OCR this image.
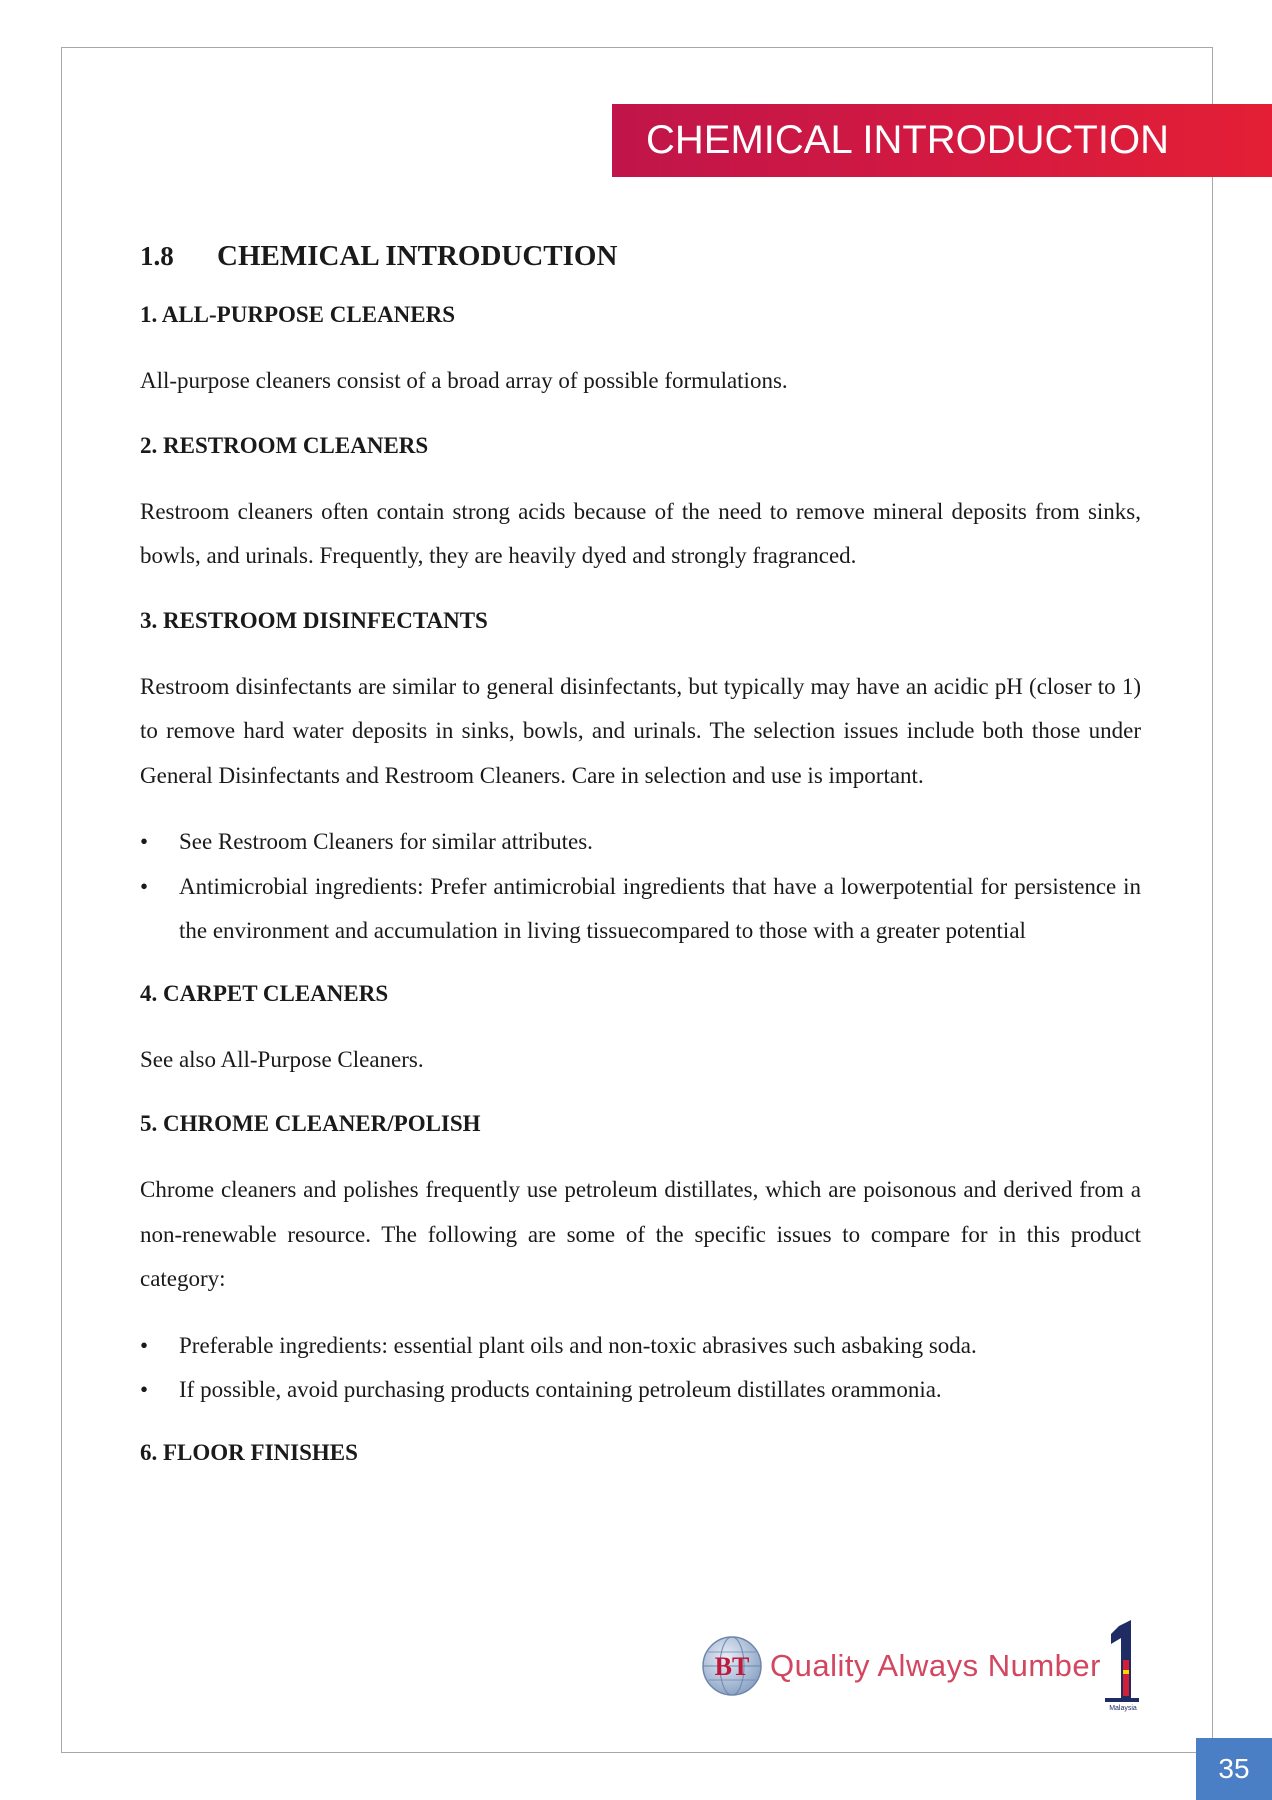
CHEMICAL INTRODUCTION
1.8	CHEMICAL INTRODUCTION
1. ALL-PURPOSE CLEANERS

All-purpose cleaners consist of a broad array of possible formulations.

2. RESTROOM CLEANERS

Restroom cleaners often contain strong acids because of the need to remove mineral deposits from sinks, bowls, and urinals. Frequently, they are heavily dyed and strongly fragranced.

3. RESTROOM DISINFECTANTS

Restroom disinfectants are similar to general disinfectants, but typically may have an acidic pH (closer to 1) to remove hard water deposits in sinks, bowls, and urinals. The selection issues include both those under General Disinfectants and Restroom Cleaners. Care in selection and use is important.

• See Restroom Cleaners for similar attributes.
• Antimicrobial ingredients: Prefer antimicrobial ingredients that have a lowerpotential for persistence in the environment and accumulation in living tissuecompared to those with a greater potential
4. CARPET CLEANERS

See also All-Purpose Cleaners.

5. CHROME CLEANER/POLISH

Chrome cleaners and polishes frequently use petroleum distillates, which are poisonous and derived from a non-renewable resource. The following are some of the specific issues to compare for in this product category:

• Preferable ingredients: essential plant oils and non-toxic abrasives such asbaking soda.
• If possible, avoid purchasing products containing petroleum distillates orammonia.
6. FLOOR FINISHES
BT Quality Always Number
Malaysia
35
